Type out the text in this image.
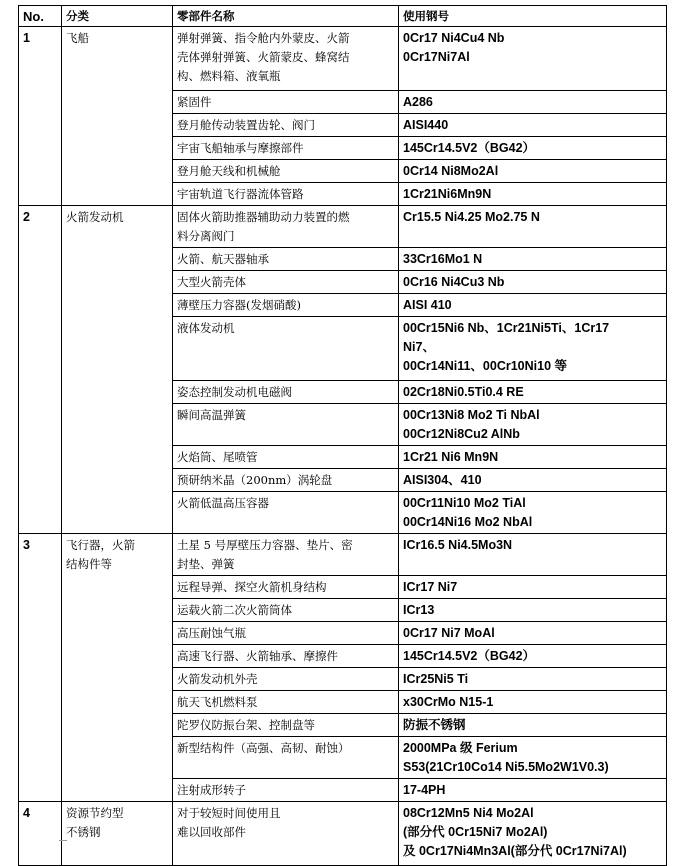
No.	分类	零部件名称	使用钢号
1	飞船	弹射弹簧、指令舱内外蒙皮、火箭
壳体弹射弹簧、火箭蒙皮、蜂窝结
构、燃料箱、液氧瓶	0Cr17 Ni4Cu4 Nb
0Cr17Ni7Al

		紧固件	A286

		登月舱传动装置齿轮、阀门	AISI440

		宇宙飞船轴承与摩擦部件	145Cr14.5V2（BG42）

		登月舱天线和机械舱	0Cr14 Ni8Mo2Al

		宇宙轨道飞行器流体管路	1Cr21Ni6Mn9N

2	火箭发动机	固体火箭助推器辅助动力装置的燃
料分离阀门	Cr15.5 Ni4.25 Mo2.75 N

		火箭、航天器轴承	33Cr16Mo1 N

		大型火箭壳体	0Cr16 Ni4Cu3 Nb

		薄壁压力容器(发烟硝酸)	AISI 410

		液体发动机	00Cr15Ni6 Nb、1Cr21Ni5Ti、1Cr17
Ni7、
00Cr14Ni11、00Cr10Ni10 等

		姿态控制发动机电磁阀	02Cr18Ni0.5Ti0.4 RE

		瞬间高温弹簧	00Cr13Ni8 Mo2 Ti NbAl
00Cr12Ni8Cu2 AlNb

		火焰筒、尾喷管	1Cr21 Ni6 Mn9N

		预研纳米晶（200nm）涡轮盘	AISI304、410

		火箭低温高压容器	00Cr11Ni10 Mo2 TiAl
00Cr14Ni16 Mo2 NbAl

3	飞行器，火箭
结构件等	土星 5 号厚壁压力容器、垫片、密
封垫、弹簧	ICr16.5 Ni4.5Mo3N

		远程导弹、探空火箭机身结构	ICr17 Ni7

		运载火箭二次火箭筒体	ICr13

		高压耐蚀气瓶	0Cr17 Ni7 MoAl

		高速飞行器、火箭轴承、摩擦件	145Cr14.5V2（BG42）

		火箭发动机外壳	ICr25Ni5 Ti

		航天飞机燃料泵	x30CrMo N15-1

		陀罗仪防振台架、控制盘等	防振不锈钢

		新型结构件（高强、高韧、耐蚀）	2000MPa 级 Ferium
S53(21Cr10Co14 Ni5.5Mo2W1V0.3)

		注射成形转子	17-4PH

4	资源节约型
不锈钢	对于较短时间使用且
难以回收部件	08Cr12Mn5 Ni4 Mo2Al
(部分代 0Cr15Ni7 Mo2Al)
及 0Cr17Ni4Mn3Al(部分代 0Cr17Ni7Al)
